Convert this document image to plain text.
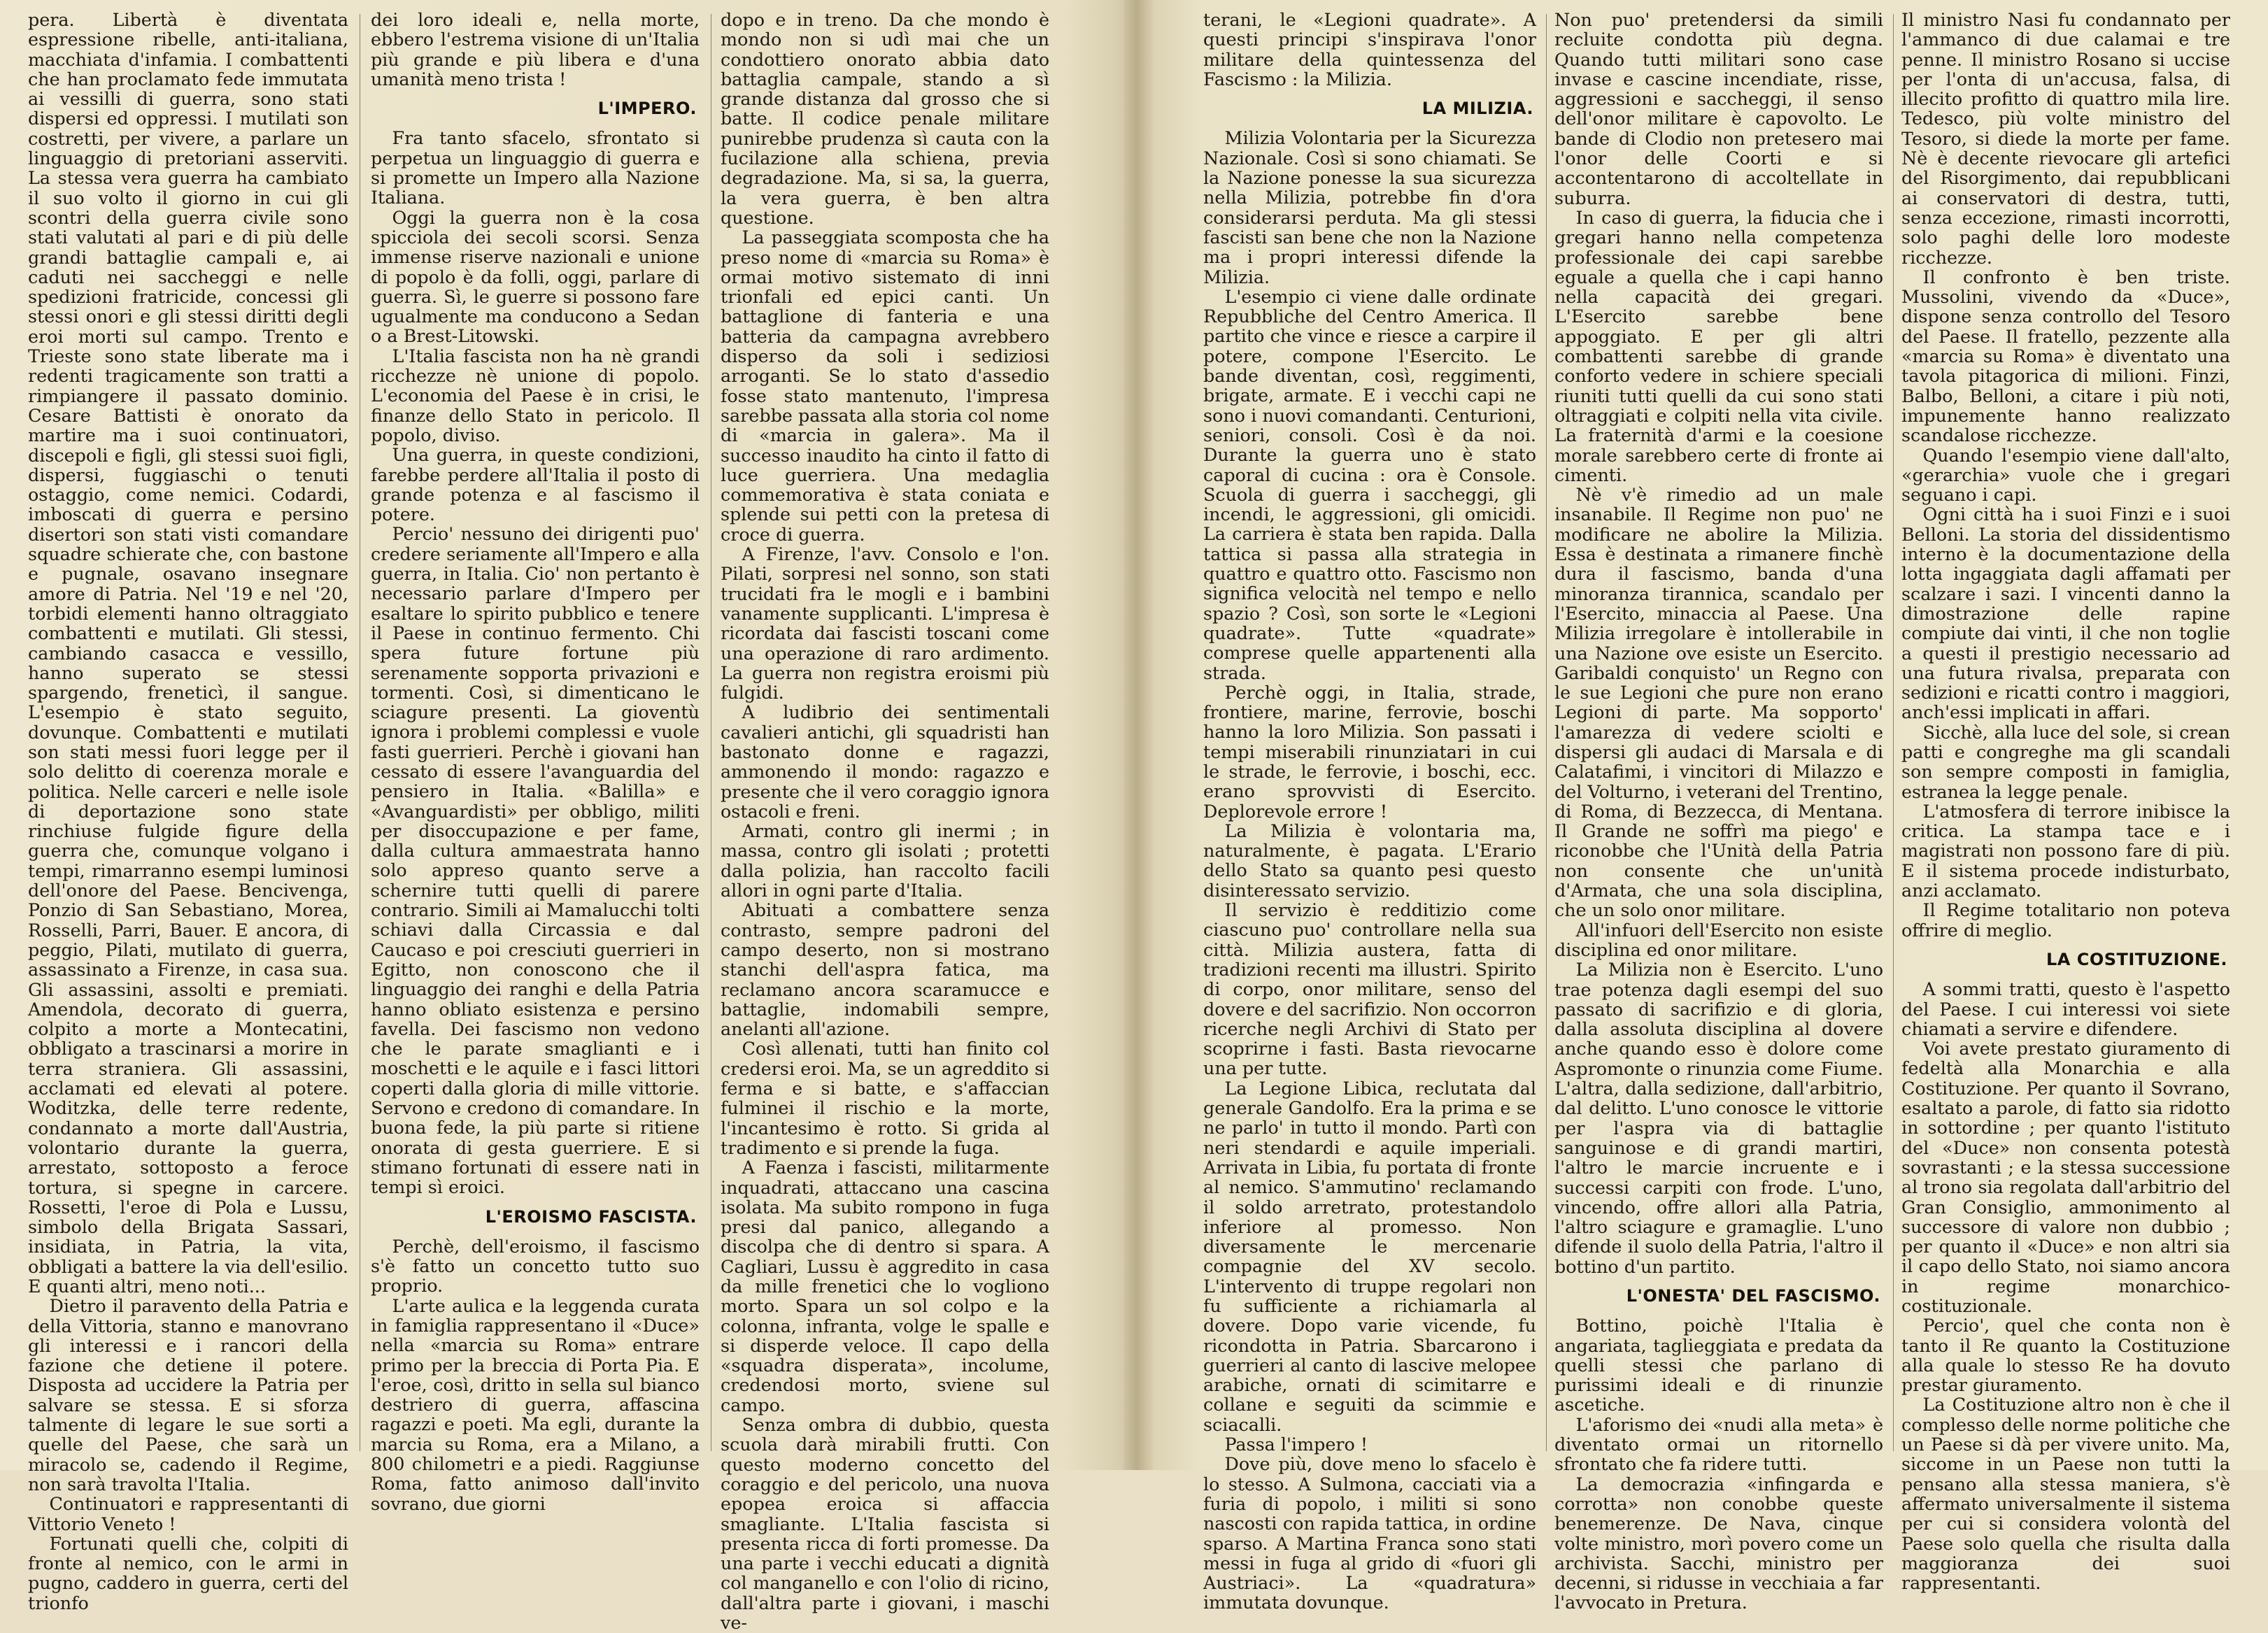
pera. Libertà è diventata espressione ribelle, anti-italiana, macchiata d'infamia. I combattenti che han proclamato fede immutata ai vessilli di guerra, sono stati dispersi ed oppressi. I mutilati son costretti, per vivere, a parlare un linguaggio di pretoriani asserviti. La stessa vera guerra ha cambiato il suo volto il giorno in cui gli scontri della guerra civile sono stati valutati al pari e di più delle grandi battaglie campali e, ai caduti nei saccheggi e nelle spedizioni fratricide, concessi gli stessi onori e gli stessi diritti degli eroi morti sul campo. Trento e Trieste sono state liberate ma i redenti tragicamente son tratti a rimpiangere il passato dominio. Cesare Battisti è onorato da martire ma i suoi continuatori, discepoli e figli, gli stessi suoi figli, dispersi, fuggiaschi o tenuti ostaggio, come nemici. Codardi, imboscati di guerra e persino disertori son stati visti comandare squadre schierate che, con bastone e pugnale, osavano insegnare amore di Patria. Nel '19 e nel '20, torbidi elementi hanno oltraggiato combattenti e mutilati. Gli stessi, cambiando casacca e vessillo, hanno superato se stessi spargendo, freneticì, il sangue. L'esempio è stato seguito, dovunque. Combattenti e mutilati son stati messi fuori legge per il solo delitto di coerenza morale e politica. Nelle carceri e nelle isole di deportazione sono state rinchiuse fulgide figure della guerra che, comunque volgano i tempi, rimarranno esempi luminosi dell'onore del Paese. Bencivenga, Ponzio di San Sebastiano, Morea, Rosselli, Parri, Bauer. E ancora, di peggio, Pilati, mutilato di guerra, assassinato a Firenze, in casa sua. Gli assassini, assolti e premiati. Amendola, decorato di guerra, colpito a morte a Montecatini, obbligato a trascinarsi a morire in terra straniera. Gli assassini, acclamati ed elevati al potere. Woditzka, delle terre redente, condannato a morte dall'Austria, volontario durante la guerra, arrestato, sottoposto a feroce tortura, si spegne in carcere. Rossetti, l'eroe di Pola e Lussu, simbolo della Brigata Sassari, insidiata, in Patria, la vita, obbligati a battere la via dell'esilio. E quanti altri, meno noti...

Dietro il paravento della Patria e della Vittoria, stanno e manovrano gli interessi e i rancori della fazione che detiene il potere. Disposta ad uccidere la Patria per salvare se stessa. E si sforza talmente di legare le sue sorti a quelle del Paese, che sarà un miracolo se, cadendo il Regime, non sarà travolta l'Italia.

Continuatori e rappresentanti di Vittorio Veneto !

Fortunati quelli che, colpiti di fronte al nemico, con le armi in pugno, caddero in guerra, certi del trionfo

dei loro ideali e, nella morte, ebbero l'estrema visione di un'Italia più grande e più libera e d'una umanità meno trista !

L'IMPERO.

Fra tanto sfacelo, sfrontato si perpetua un linguaggio di guerra e si promette un Impero alla Nazione Italiana.

Oggi la guerra non è la cosa spicciola dei secoli scorsi. Senza immense riserve nazionali e unione di popolo è da folli, oggi, parlare di guerra. Sì, le guerre si possono fare ugualmente ma conducono a Sedan o a Brest-Litowski.

L'Italia fascista non ha nè grandi ricchezze nè unione di popolo. L'economia del Paese è in crisi, le finanze dello Stato in pericolo. Il popolo, diviso.

Una guerra, in queste condizioni, farebbe perdere all'Italia il posto di grande potenza e al fascismo il potere.

Percio' nessuno dei dirigenti puo' credere seriamente all'Impero e alla guerra, in Italia. Cio' non pertanto è necessario parlare d'Impero per esaltare lo spirito pubblico e tenere il Paese in continuo fermento. Chi spera future fortune più serenamente sopporta privazioni e tormenti. Così, si dimenticano le sciagure presenti. La gioventù ignora i problemi complessi e vuole fasti guerrieri. Perchè i giovani han cessato di essere l'avanguardia del pensiero in Italia. «Balilla» e «Avanguardisti» per obbligo, militi per disoccupazione e per fame, dalla cultura ammaestrata hanno solo appreso quanto serve a schernire tutti quelli di parere contrario. Simili ai Mamalucchi tolti schiavi dalla Circassia e dal Caucaso e poi cresciuti guerrieri in Egitto, non conoscono che il linguaggio dei ranghi e della Patria hanno obliato esistenza e persino favella. Dei fascismo non vedono che le parate smaglianti e i moschetti e le aquile e i fasci littori coperti dalla gloria di mille vittorie. Servono e credono di comandare. In buona fede, la più parte si ritiene onorata di gesta guerriere. E si stimano fortunati di essere nati in tempi sì eroici.

L'EROISMO FASCISTA.

Perchè, dell'eroismo, il fascismo s'è fatto un concetto tutto suo proprio.

L'arte aulica e la leggenda curata in famiglia rappresentano il «Duce» nella «marcia su Roma» entrare primo per la breccia di Porta Pia. E l'eroe, così, dritto in sella sul bianco destriero di guerra, affascina ragazzi e poeti. Ma egli, durante la marcia su Roma, era a Milano, a 800 chilometri e a piedi. Raggiunse Roma, fatto animoso dall'invito sovrano, due giorni

dopo e in treno. Da che mondo è mondo non si udì mai che un condottiero onorato abbia dato battaglia campale, stando a sì grande distanza dal grosso che si batte. Il codice penale militare punirebbe prudenza sì cauta con la fucilazione alla schiena, previa degradazione. Ma, si sa, la guerra, la vera guerra, è ben altra questione.

La passeggiata scomposta che ha preso nome di «marcia su Roma» è ormai motivo sistemato di inni trionfali ed epici canti. Un battaglione di fanteria e una batteria da campagna avrebbero disperso da soli i sediziosi arroganti. Se lo stato d'assedio fosse stato mantenuto, l'impresa sarebbe passata alla storia col nome di «marcia in galera». Ma il successo inaudito ha cinto il fatto di luce guerriera. Una medaglia commemorativa è stata coniata e splende sui petti con la pretesa di croce di guerra.

A Firenze, l'avv. Consolo e l'on. Pilati, sorpresi nel sonno, son stati trucidati fra le mogli e i bambini vanamente supplicanti. L'impresa è ricordata dai fascisti toscani come una operazione di raro ardimento. La guerra non registra eroismi più fulgidi.

A ludibrio dei sentimentali cavalieri antichi, gli squadristi han bastonato donne e ragazzi, ammonendo il mondo: ragazzo e presente che il vero coraggio ignora ostacoli e freni.

Armati, contro gli inermi ; in massa, contro gli isolati ; protetti dalla polizia, han raccolto facili allori in ogni parte d'Italia.

Abituati a combattere senza contrasto, sempre padroni del campo deserto, non si mostrano stanchi dell'aspra fatica, ma reclamano ancora scaramucce e battaglie, indomabili sempre, anelanti all'azione.

Così allenati, tutti han finito col credersi eroi. Ma, se un agreddito si ferma e si batte, e s'affaccian fulminei il rischio e la morte, l'incantesimo è rotto. Si grida al tradimento e si prende la fuga.

A Faenza i fascisti, militarmente inquadrati, attaccano una cascina isolata. Ma subito rompono in fuga presi dal panico, allegando a discolpa che di dentro si spara. A Cagliari, Lussu è aggredito in casa da mille frenetici che lo vogliono morto. Spara un sol colpo e la colonna, infranta, volge le spalle e si disperde veloce. Il capo della «squadra disperata», incolume, credendosi morto, sviene sul campo.

Senza ombra di dubbio, questa scuola darà mirabili frutti. Con questo moderno concetto del coraggio e del pericolo, una nuova epopea eroica si affaccia smagliante. L'Italia fascista si presenta ricca di forti promesse. Da una parte i vecchi educati a dignità col manganello e con l'olio di ricino, dall'altra parte i giovani, i maschi ve-

terani, le «Legioni quadrate». A questi principi s'inspirava l'onor militare della quintessenza del Fascismo : la Milizia.

LA MILIZIA.

Milizia Volontaria per la Sicurezza Nazionale. Così si sono chiamati. Se la Nazione ponesse la sua sicurezza nella Milizia, potrebbe fin d'ora considerarsi perduta. Ma gli stessi fascisti san bene che non la Nazione ma i propri interessi difende la Milizia.

L'esempio ci viene dalle ordinate Repubbliche del Centro America. Il partito che vince e riesce a carpire il potere, compone l'Esercito. Le bande diventan, così, reggimenti, brigate, armate. E i vecchi capi ne sono i nuovi comandanti. Centurioni, seniori, consoli. Così è da noi. Durante la guerra uno è stato caporal di cucina : ora è Console. Scuola di guerra i saccheggi, gli incendi, le aggressioni, gli omicidi. La carriera è stata ben rapida. Dalla tattica si passa alla strategia in quattro e quattro otto. Fascismo non significa velocità nel tempo e nello spazio ? Così, son sorte le «Legioni quadrate». Tutte «quadrate» comprese quelle appartenenti alla strada.

Perchè oggi, in Italia, strade, frontiere, marine, ferrovie, boschi hanno la loro Milizia. Son passati i tempi miserabili rinunziatari in cui le strade, le ferrovie, i boschi, ecc. erano sprovvisti di Esercito. Deplorevole errore !

La Milizia è volontaria ma, naturalmente, è pagata. L'Erario dello Stato sa quanto pesi questo disinteressato servizio.

Il servizio è redditizio come ciascuno puo' controllare nella sua città. Milizia austera, fatta di tradizioni recenti ma illustri. Spirito di corpo, onor militare, senso del dovere e del sacrifizio. Non occorron ricerche negli Archivi di Stato per scoprirne i fasti. Basta rievocarne una per tutte.

La Legione Libica, reclutata dal generale Gandolfo. Era la prima e se ne parlo' in tutto il mondo. Partì con neri stendardi e aquile imperiali. Arrivata in Libia, fu portata di fronte al nemico. S'ammutino' reclamando il soldo arretrato, protestandolo inferiore al promesso. Non diversamente le mercenarie compagnie del XV secolo. L'intervento di truppe regolari non fu sufficiente a richiamarla al dovere. Dopo varie vicende, fu ricondotta in Patria. Sbarcarono i guerrieri al canto di lascive melopee arabiche, ornati di scimitarre e collane e seguiti da scimmie e sciacalli.

Passa l'impero !

Dove più, dove meno lo sfacelo è lo stesso. A Sulmona, cacciati via a furia di popolo, i militi si sono nascosti con rapida tattica, in ordine sparso. A Martina Franca sono stati messi in fuga al grido di «fuori gli Austriaci». La «quadratura» immutata dovunque.

Non puo' pretendersi da simili recluite condotta più degna. Quando tutti militari sono case invase e cascine incendiate, risse, aggressioni e saccheggi, il senso dell'onor militare è capovolto. Le bande di Clodio non pretesero mai l'onor delle Coorti e si accontentarono di accoltellate in suburra.

In caso di guerra, la fiducia che i gregari hanno nella competenza professionale dei capi sarebbe eguale a quella che i capi hanno nella capacità dei gregari. L'Esercito sarebbe bene appoggiato. E per gli altri combattenti sarebbe di grande conforto vedere in schiere speciali riuniti tutti quelli da cui sono stati oltraggiati e colpiti nella vita civile. La fraternità d'armi e la coesione morale sarebbero certe di fronte ai cimenti.

Nè v'è rimedio ad un male insanabile. Il Regime non puo' ne modificare ne abolire la Milizia. Essa è destinata a rimanere finchè dura il fascismo, banda d'una minoranza tirannica, scandalo per l'Esercito, minaccia al Paese. Una Milizia irregolare è intollerabile in una Nazione ove esiste un Esercito. Garibaldi conquisto' un Regno con le sue Legioni che pure non erano Legioni di parte. Ma sopporto' l'amarezza di vedere sciolti e dispersi gli audaci di Marsala e di Calatafimi, i vincitori di Milazzo e del Volturno, i veterani del Trentino, di Roma, di Bezzecca, di Mentana. Il Grande ne soffrì ma piego' e riconobbe che l'Unità della Patria non consente che un'unità d'Armata, che una sola disciplina, che un solo onor militare.

All'infuori dell'Esercito non esiste disciplina ed onor militare.

La Milizia non è Esercito. L'uno trae potenza dagli esempi del suo passato di sacrifizio e di gloria, dalla assoluta disciplina al dovere anche quando esso è dolore come Aspromonte o rinunzia come Fiume. L'altra, dalla sedizione, dall'arbitrio, dal delitto. L'uno conosce le vittorie per l'aspra via di battaglie sanguinose e di grandi martiri, l'altro le marcie incruente e i successi carpiti con frode. L'uno, vincendo, offre allori alla Patria, l'altro sciagure e gramaglie. L'uno difende il suolo della Patria, l'altro il bottino d'un partito.

L'ONESTA' DEL FASCISMO.

Bottino, poichè l'Italia è angariata, taglieggiata e predata da quelli stessi che parlano di purissimi ideali e di rinunzie ascetiche.

L'aforismo dei «nudi alla meta» è diventato ormai un ritornello sfrontato che fa ridere tutti.

La democrazia «infingarda e corrotta» non conobbe queste benemerenze. De Nava, cinque volte ministro, morì povero come un archivista. Sacchi, ministro per decenni, si ridusse in vecchiaia a far l'avvocato in Pretura.

Il ministro Nasi fu condannato per l'ammanco di due calamai e tre penne. Il ministro Rosano si uccise per l'onta di un'accusa, falsa, di illecito profitto di quattro mila lire. Tedesco, più volte ministro del Tesoro, si diede la morte per fame. Nè è decente rievocare gli artefici del Risorgimento, dai repubblicani ai conservatori di destra, tutti, senza eccezione, rimasti incorrotti, solo paghi delle loro modeste ricchezze.

Il confronto è ben triste. Mussolini, vivendo da «Duce», dispone senza controllo del Tesoro del Paese. Il fratello, pezzente alla «marcia su Roma» è diventato una tavola pitagorica di milioni. Finzi, Balbo, Belloni, a citare i più noti, impunemente hanno realizzato scandalose ricchezze.

Quando l'esempio viene dall'alto, «gerarchia» vuole che i gregari seguano i capi.

Ogni città ha i suoi Finzi e i suoi Belloni. La storia del dissidentismo interno è la documentazione della lotta ingaggiata dagli affamati per scalzare i sazi. I vincenti danno la dimostrazione delle rapine compiute dai vinti, il che non toglie a questi il prestigio necessario ad una futura rivalsa, preparata con sedizioni e ricatti contro i maggiori, anch'essi implicati in affari.

Sicchè, alla luce del sole, si crean patti e congreghe ma gli scandali son sempre composti in famiglia, estranea la legge penale.

L'atmosfera di terrore inibisce la critica. La stampa tace e i magistrati non possono fare di più. E il sistema procede indisturbato, anzi acclamato.

Il Regime totalitario non poteva offrire di meglio.

LA COSTITUZIONE.

A sommi tratti, questo è l'aspetto del Paese. I cui interessi voi siete chiamati a servire e difendere.

Voi avete prestato giuramento di fedeltà alla Monarchia e alla Costituzione. Per quanto il Sovrano, esaltato a parole, di fatto sia ridotto in sottordine ; per quanto l'istituto del «Duce» non consenta potestà sovrastanti ; e la stessa successione al trono sia regolata dall'arbitrio del Gran Consiglio, ammonimento al successore di valore non dubbio ; per quanto il «Duce» e non altri sia il capo dello Stato, noi siamo ancora in regime monarchico-costituzionale.

Percio', quel che conta non è tanto il Re quanto la Costituzione alla quale lo stesso Re ha dovuto prestar giuramento.

La Costituzione altro non è che il complesso delle norme politiche che un Paese si dà per vivere unito. Ma, siccome in un Paese non tutti la pensano alla stessa maniera, s'è affermato universalmente il sistema per cui si considera volontà del Paese solo quella che risulta dalla maggioranza dei suoi rappresentanti.
